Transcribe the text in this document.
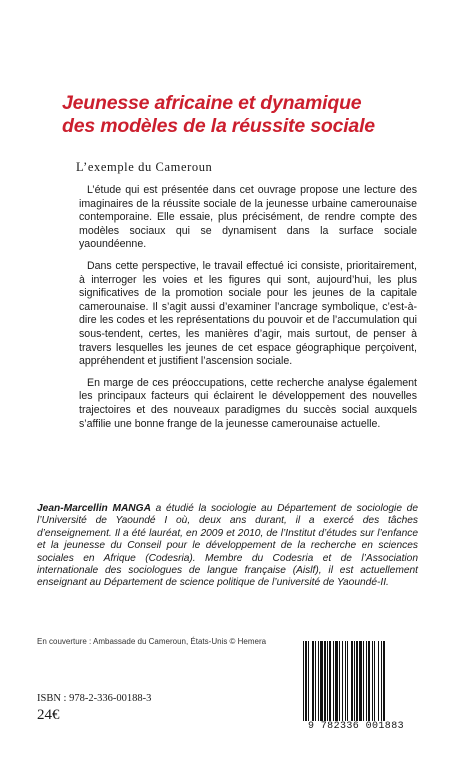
Jeunesse africaine et dynamique
des modèles de la réussite sociale
L’exemple du Cameroun

L’étude qui est présentée dans cet ouvrage propose une lecture des imaginaires de la réussite sociale de la jeunesse urbaine camerounaise contemporaine. Elle essaie, plus précisément, de rendre compte des modèles sociaux qui se dynamisent dans la surface sociale yaoundéenne.

Dans cette perspective, le travail effectué ici consiste, prioritairement, à interroger les voies et les figures qui sont, aujourd’hui, les plus significatives de la promotion sociale pour les jeunes de la capitale camerounaise. Il s’agit aussi d’examiner l’ancrage symbolique, c’est-à-dire les codes et les représentations du pouvoir et de l’accumulation qui sous-tendent, certes, les manières d’agir, mais surtout, de penser à travers lesquelles les jeunes de cet espace géographique perçoivent, appréhendent et justifient l’ascension sociale.

En marge de ces préoccupations, cette recherche analyse également les principaux facteurs qui éclairent le développement des nouvelles trajectoires et des nouveaux paradigmes du succès social auxquels s’affilie une bonne frange de la jeunesse camerounaise actuelle.

Jean-Marcellin MANGA a étudié la sociologie au Département de sociologie de l’Université de Yaoundé I où, deux ans durant, il a exercé des tâches d’enseignement. Il a été lauréat, en 2009 et 2010, de l’Institut d’études sur l’enfance et la jeunesse du Conseil pour le développement de la recherche en sciences sociales en Afrique (Codesria). Membre du Codesria et de l’Association internationale des sociologues de langue française (Aislf), il est actuellement enseignant au Département de science politique de l’université de Yaoundé-II.

En couverture : Ambassade du Cameroun, États-Unis © Hemera
ISBN : 978-2-336-00188-3
24€
9 782336 001883
